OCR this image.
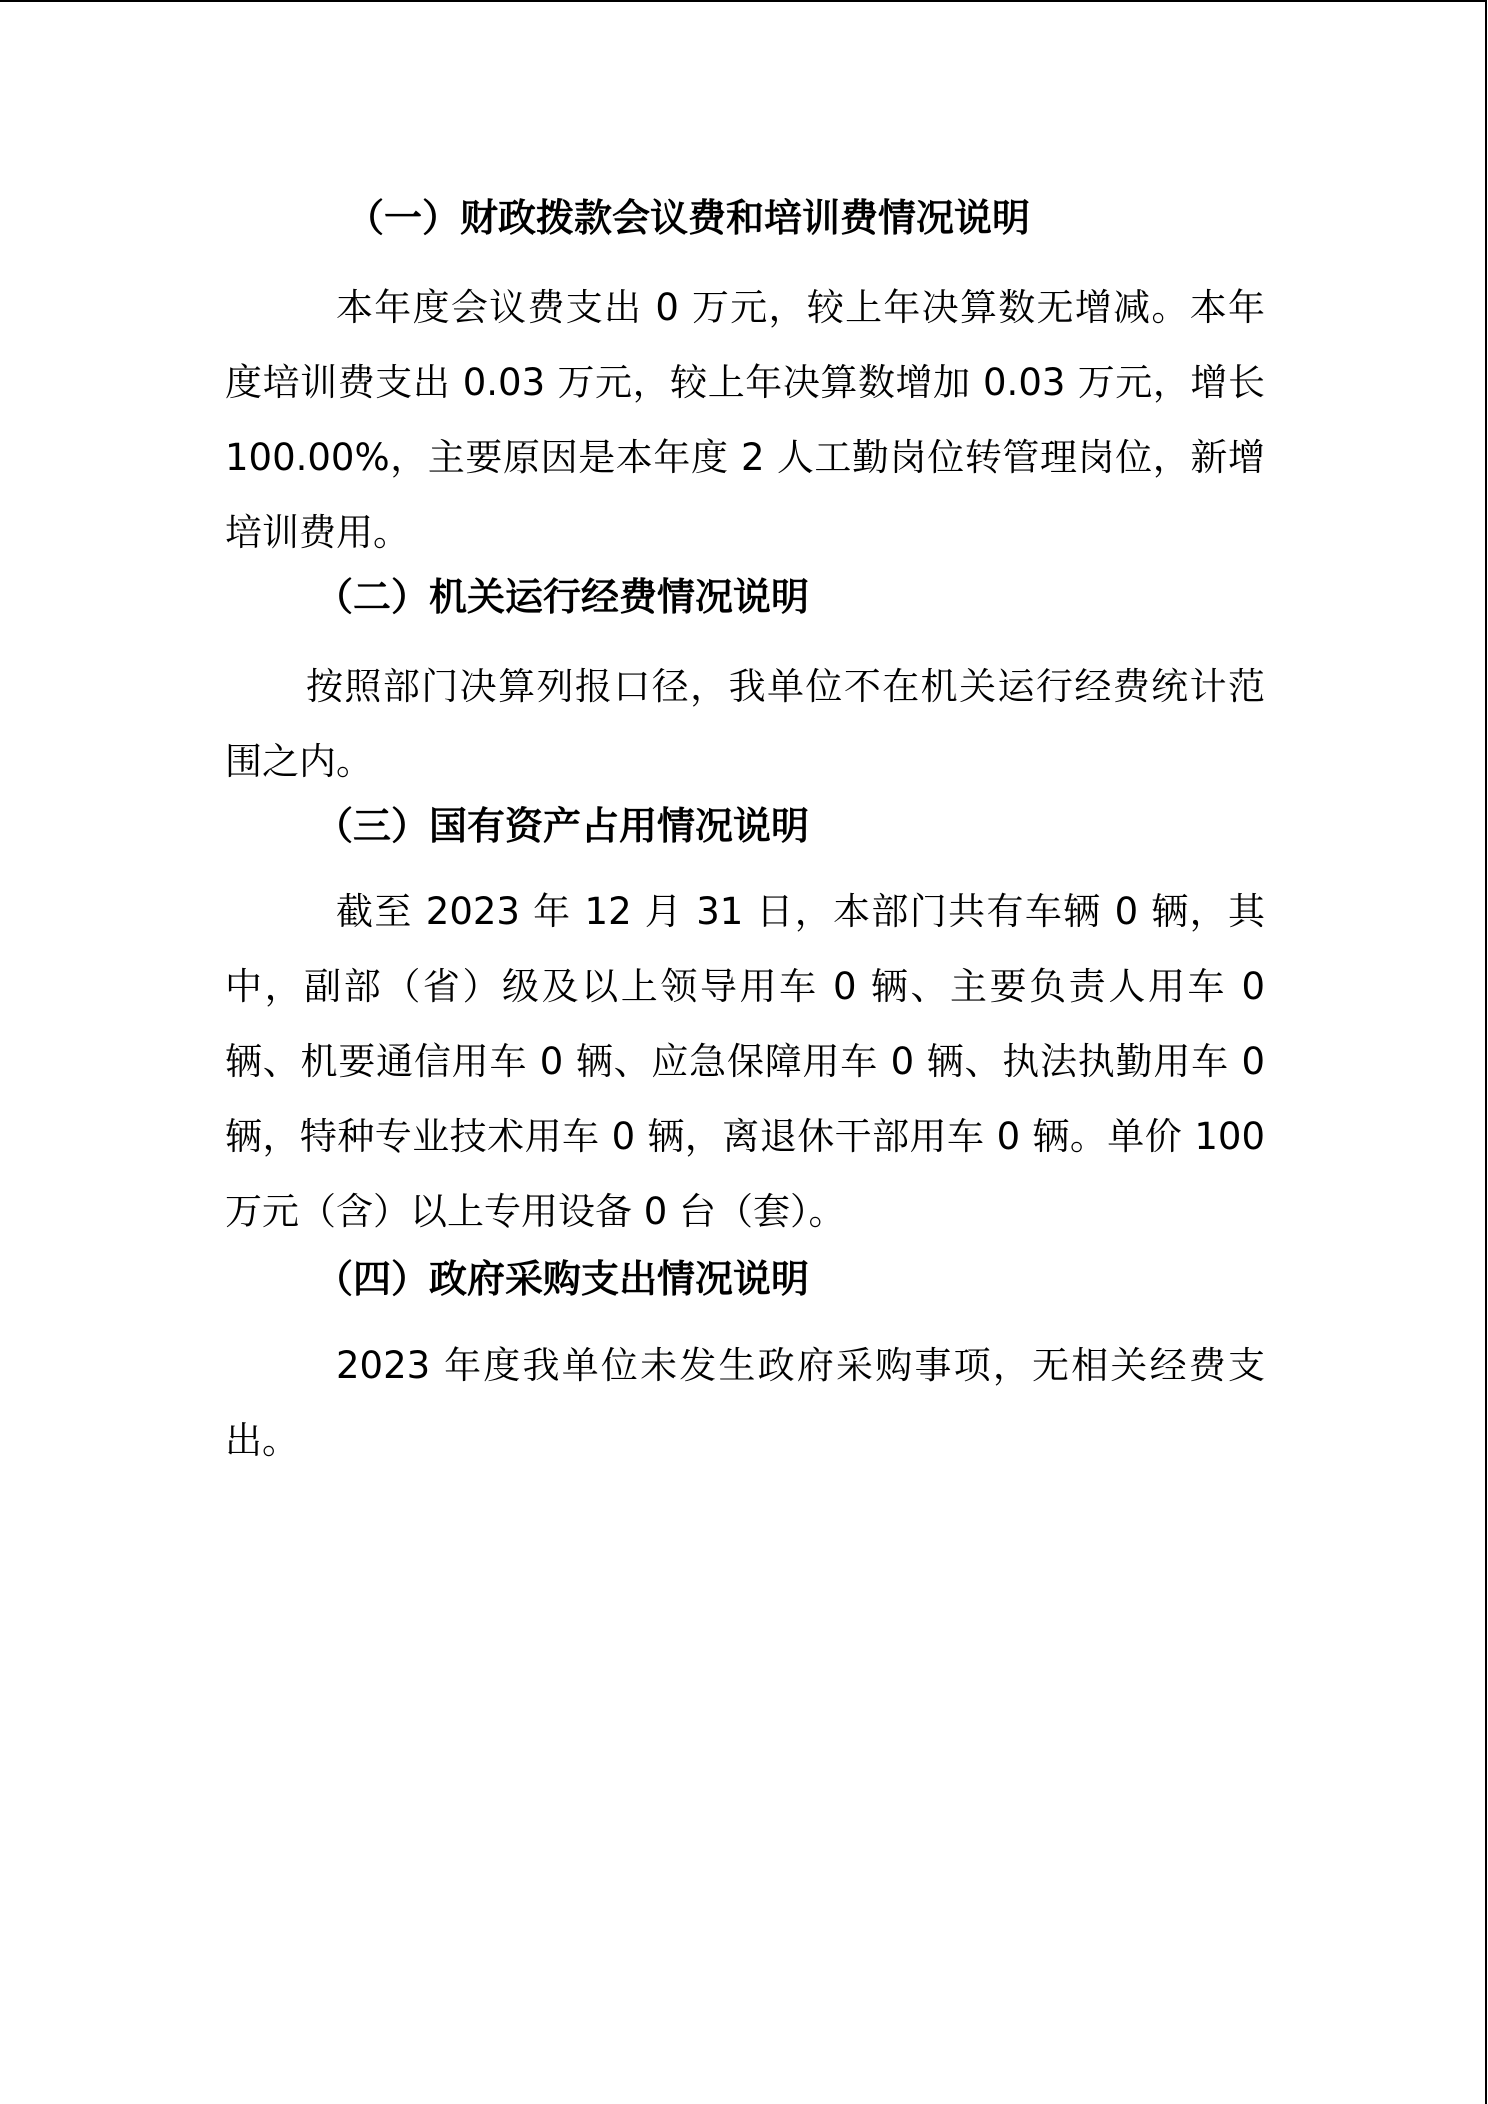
（一）财政拨款会议费和培训费情况说明

本年度会议费支出 0 万元，较上年决算数无增减。本年度培训费支出 0.03 万元，较上年决算数增加 0.03 万元，增长 100.00%，主要原因是本年度 2 人工勤岗位转管理岗位，新增培训费用。

（二）机关运行经费情况说明

按照部门决算列报口径，我单位不在机关运行经费统计范围之内。

（三）国有资产占用情况说明

截至 2023 年 12 月 31 日，本部门共有车辆 0 辆，其中，副部（省）级及以上领导用车 0 辆、主要负责人用车 0 辆、机要通信用车 0 辆、应急保障用车 0 辆、执法执勤用车 0 辆，特种专业技术用车 0 辆，离退休干部用车 0 辆。单价 100 万元（含）以上专用设备 0 台（套）。

（四）政府采购支出情况说明

2023 年度我单位未发生政府采购事项，无相关经费支出。
